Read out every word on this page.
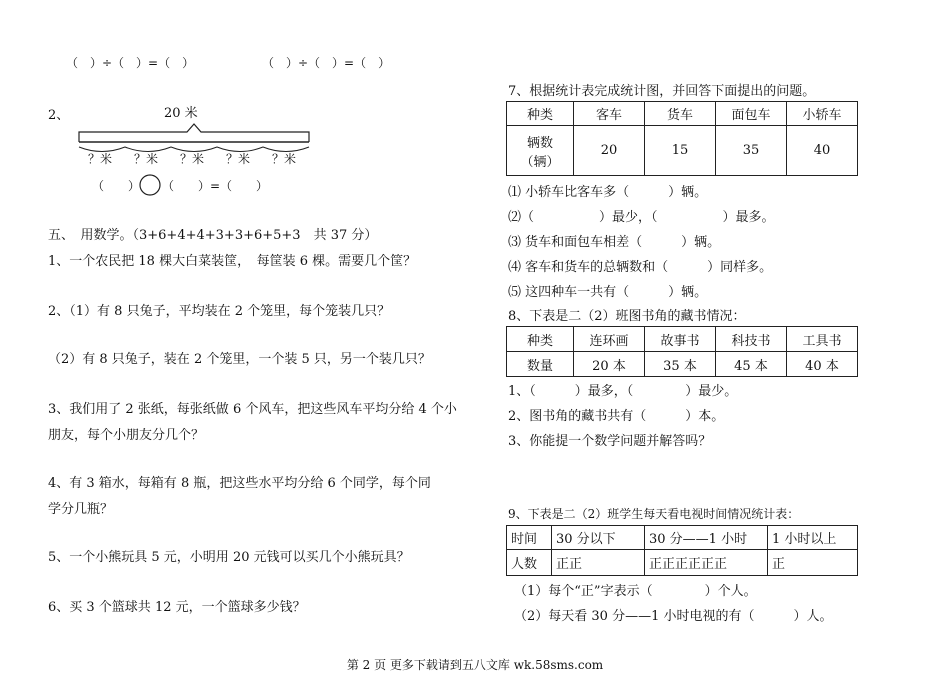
（　）÷（　）=（　）	（　）÷（　）=（　）
2、	20 米
？米 ？米 ？米 ？米 ？米
（　　） （　　）=（　　）
五、　用数学。（3+6+4+4+3+3+6+5+3　共 37 分）
1、一个农民把 18 棵大白菜装筐，　每筐装 6 棵。需要几个筐？
2、（1）有 8 只兔子，平均装在 2 个笼里，每个笼装几只？
（2）有 8 只兔子，装在 2 个笼里，一个装 5 只，另一个装几只？
3、我们用了 2 张纸，每张纸做 6 个风车，把这些风车平均分给 4 个小
朋友，每个小朋友分几个？
4、有 3 箱水，每箱有 8 瓶，把这些水平均分给 6 个同学，每个同
学分几瓶？
5、一个小熊玩具 5 元，小明用 20 元钱可以买几个小熊玩具？
6、买 3 个篮球共 12 元，一个篮球多少钱？
7、根据统计表完成统计图，并回答下面提出的问题。
种类	客车	货车	面包车	小轿车
辆数
（辆）	20	15	35	40
⑴ 小轿车比客车多（　　　）辆。
⑵（　　　　　）最少，（　　　　　）最多。
⑶ 货车和面包车相差（　　　）辆。
⑷ 客车和货车的总辆数和（　　　）同样多。
⑸ 这四种车一共有（　　　）辆。
8、下表是二（2）班图书角的藏书情况：
种类	连环画	故事书	科技书	工具书
数量	20 本	35 本	45 本	40 本
1、（　　　）最多，（　　　　）最少。
2、图书角的藏书共有（　　　）本。
3、你能提一个数学问题并解答吗？
9、下表是二（2）班学生每天看电视时间情况统计表：
时间	30 分以下	30 分——1 小时	1 小时以上
人数	正正	正正正正正正	正
（1）每个“正”字表示（　　　　）个人。
（2）每天看 30 分——1 小时电视的有（　　　）人。
第 2 页 更多下载请到五八文库 wk.58sms.com
